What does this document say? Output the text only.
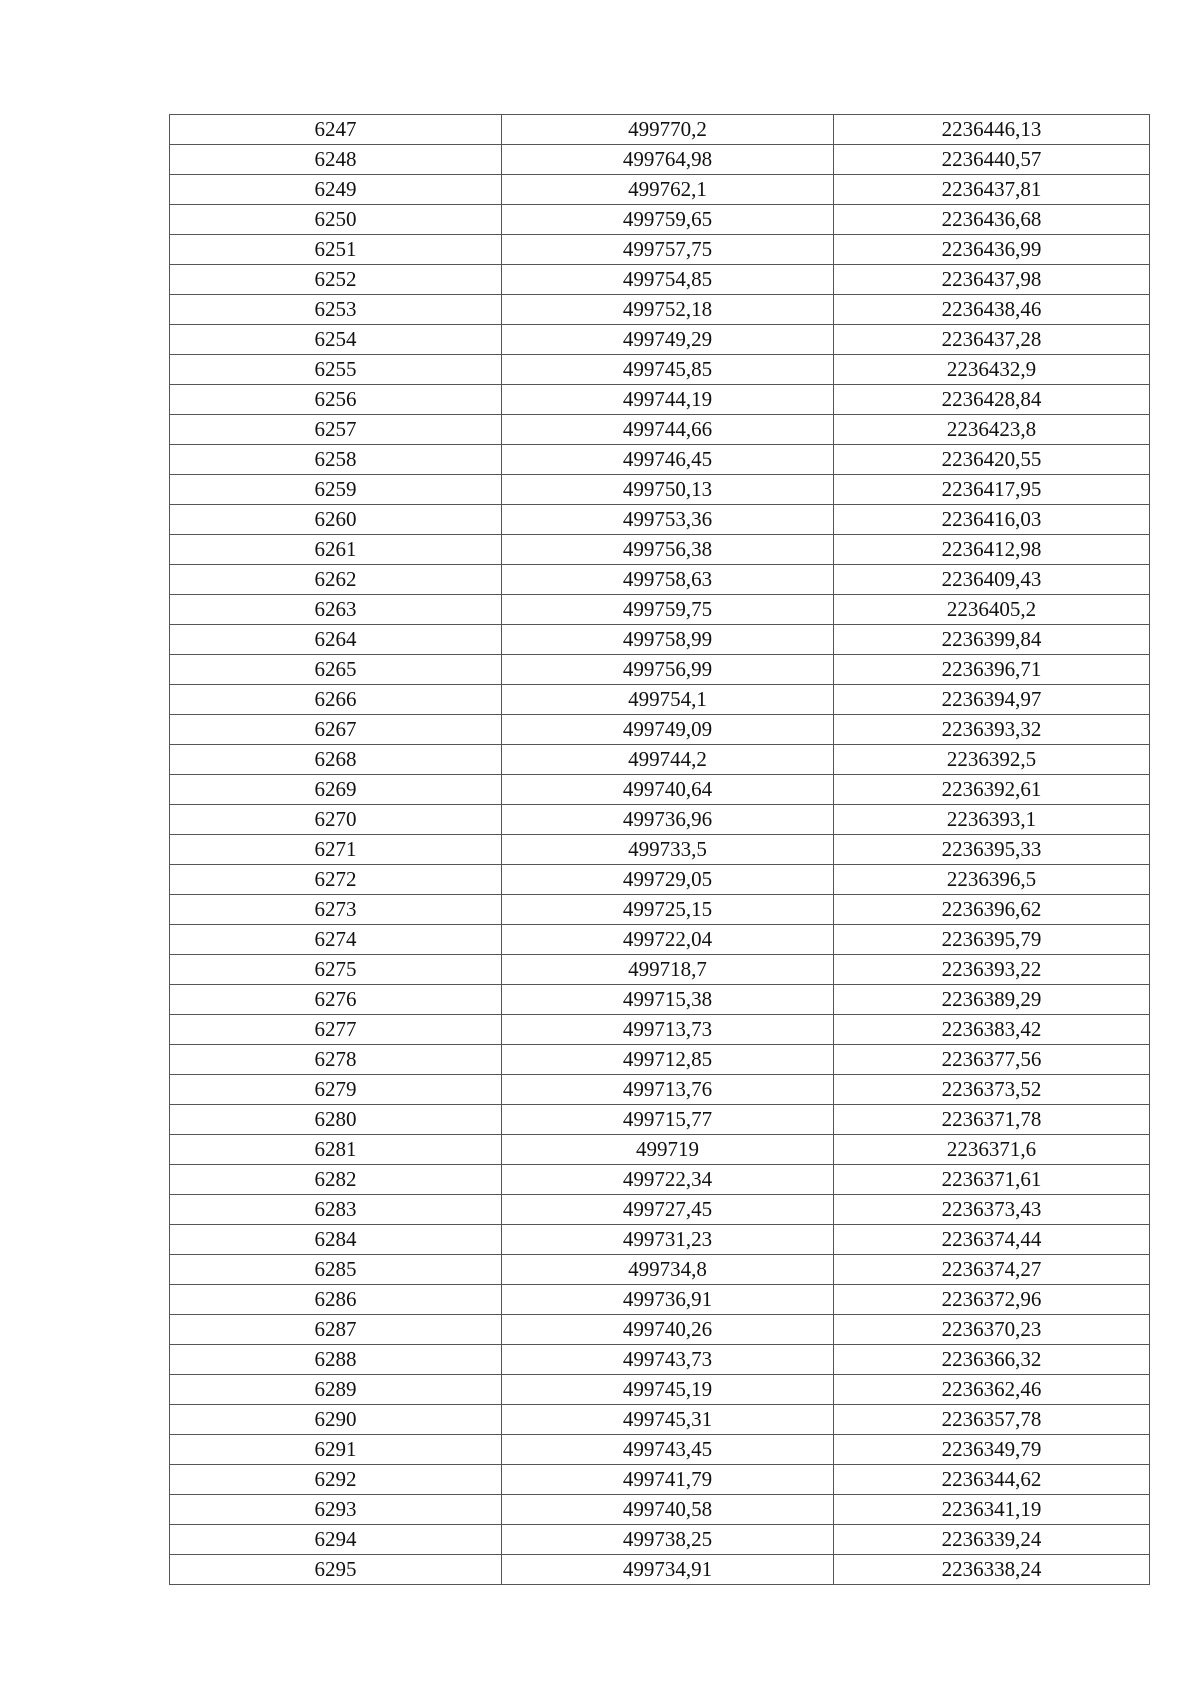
6247	499770,2	2236446,13
6248	499764,98	2236440,57
6249	499762,1	2236437,81
6250	499759,65	2236436,68
6251	499757,75	2236436,99
6252	499754,85	2236437,98
6253	499752,18	2236438,46
6254	499749,29	2236437,28
6255	499745,85	2236432,9
6256	499744,19	2236428,84
6257	499744,66	2236423,8
6258	499746,45	2236420,55
6259	499750,13	2236417,95
6260	499753,36	2236416,03
6261	499756,38	2236412,98
6262	499758,63	2236409,43
6263	499759,75	2236405,2
6264	499758,99	2236399,84
6265	499756,99	2236396,71
6266	499754,1	2236394,97
6267	499749,09	2236393,32
6268	499744,2	2236392,5
6269	499740,64	2236392,61
6270	499736,96	2236393,1
6271	499733,5	2236395,33
6272	499729,05	2236396,5
6273	499725,15	2236396,62
6274	499722,04	2236395,79
6275	499718,7	2236393,22
6276	499715,38	2236389,29
6277	499713,73	2236383,42
6278	499712,85	2236377,56
6279	499713,76	2236373,52
6280	499715,77	2236371,78
6281	499719	2236371,6
6282	499722,34	2236371,61
6283	499727,45	2236373,43
6284	499731,23	2236374,44
6285	499734,8	2236374,27
6286	499736,91	2236372,96
6287	499740,26	2236370,23
6288	499743,73	2236366,32
6289	499745,19	2236362,46
6290	499745,31	2236357,78
6291	499743,45	2236349,79
6292	499741,79	2236344,62
6293	499740,58	2236341,19
6294	499738,25	2236339,24
6295	499734,91	2236338,24
